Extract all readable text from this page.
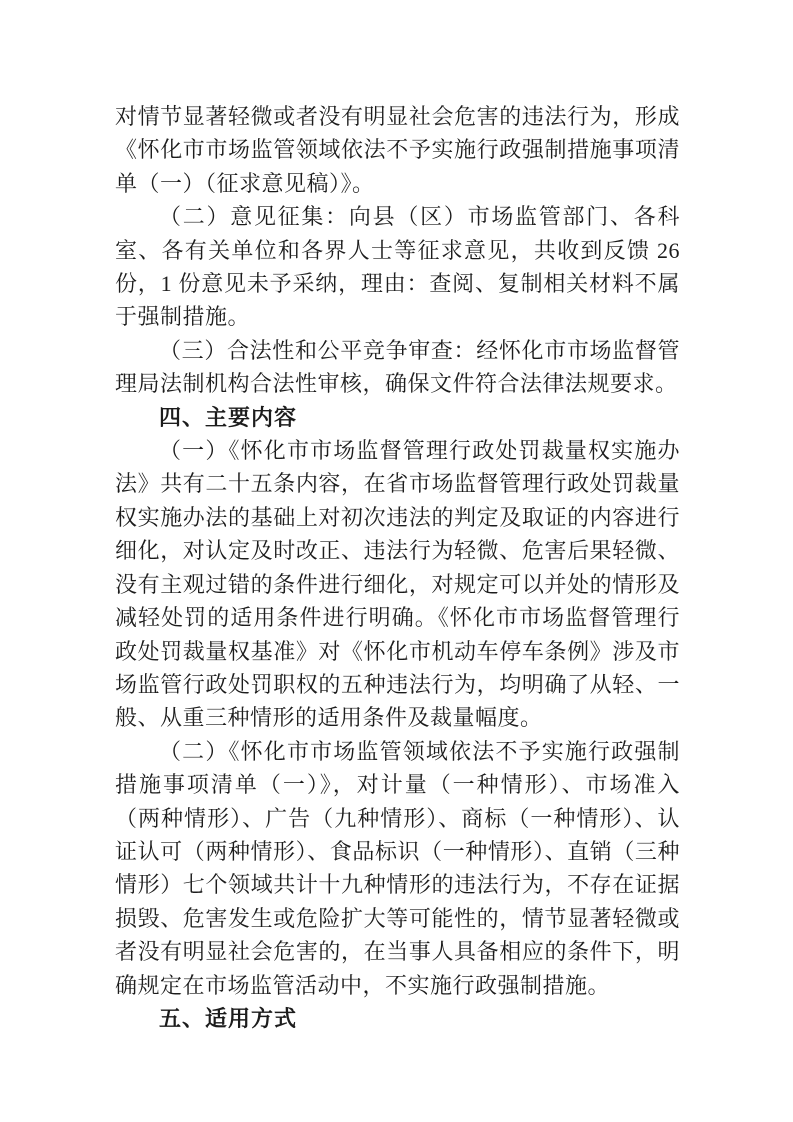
对情节显著轻微或者没有明显社会危害的违法行为，形成《怀化市市场监管领域依法不予实施行政强制措施事项清单（一）（征求意见稿）》。

（二）意见征集：向县（区）市场监管部门、各科室、各有关单位和各界人士等征求意见，共收到反馈 26 份，1 份意见未予采纳，理由：查阅、复制相关材料不属于强制措施。

（三）合法性和公平竞争审查：经怀化市市场监督管理局法制机构合法性审核，确保文件符合法律法规要求。

四、主要内容

（一）《怀化市市场监督管理行政处罚裁量权实施办法》共有二十五条内容，在省市场监督管理行政处罚裁量权实施办法的基础上对初次违法的判定及取证的内容进行细化，对认定及时改正、违法行为轻微、危害后果轻微、没有主观过错的条件进行细化，对规定可以并处的情形及减轻处罚的适用条件进行明确。《怀化市市场监督管理行政处罚裁量权基准》对《怀化市机动车停车条例》涉及市场监管行政处罚职权的五种违法行为，均明确了从轻、一般、从重三种情形的适用条件及裁量幅度。

（二）《怀化市市场监管领域依法不予实施行政强制措施事项清单（一）》，对计量（一种情形）、市场准入（两种情形）、广告（九种情形）、商标（一种情形）、认证认可（两种情形）、食品标识（一种情形）、直销（三种情形）七个领域共计十九种情形的违法行为，不存在证据损毁、危害发生或危险扩大等可能性的，情节显著轻微或者没有明显社会危害的，在当事人具备相应的条件下，明确规定在市场监管活动中，不实施行政强制措施。

五、适用方式
